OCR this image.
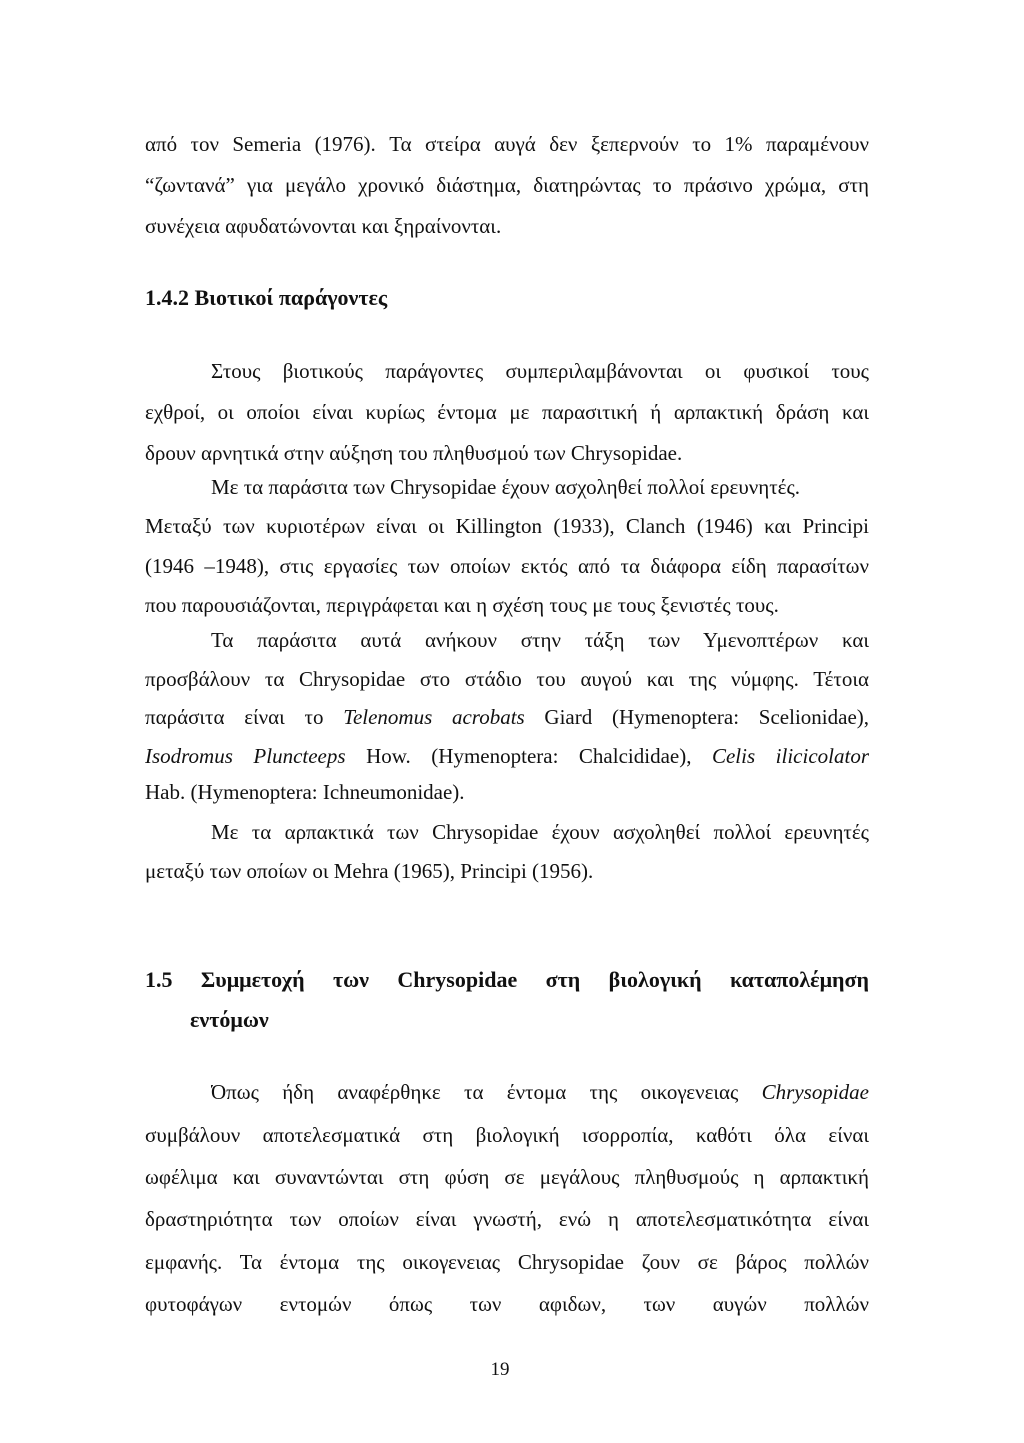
από τον Semeria (1976). Τα στείρα αυγά δεν ξεπερνούν το 1% παραμένουν
“ζωντανά” για μεγάλο χρονικό διάστημα, διατηρώντας το πράσινο χρώμα, στη
συνέχεια αφυδατώνονται και ξηραίνονται.
1.4.2 Βιοτικοί παράγοντες
Στους βιοτικούς παράγοντες συμπεριλαμβάνονται οι φυσικοί τους
εχθροί, οι οποίοι είναι κυρίως έντομα με παρασιτική ή αρπακτική δράση και
δρουν αρνητικά στην αύξηση του πληθυσμού των Chrysopidae.
Με τα παράσιτα των Chrysopidae έχουν ασχοληθεί πολλοί ερευνητές.
Μεταξύ των κυριοτέρων είναι οι Killington (1933), Clanch (1946) και Principi
(1946 –1948), στις εργασίες των οποίων εκτός από τα διάφορα είδη παρασίτων
που παρουσιάζονται, περιγράφεται και η σχέση τους με τους ξενιστές τους.
Τα παράσιτα αυτά ανήκουν στην τάξη των Υμενοπτέρων και
προσβάλουν τα Chrysopidae στο στάδιο του αυγού και της νύμφης. Τέτοια
παράσιτα είναι το Telenomus acrobats Giard (Hymenoptera: Scelionidae),
Isodromus Pluncteeps How. (Hymenoptera: Chalcididae), Celis ilicicolator
Hab. (Hymenoptera: Ichneumonidae).
Με τα αρπακτικά των Chrysopidae έχουν ασχοληθεί πολλοί ερευνητές
μεταξύ των οποίων οι Mehra (1965), Principi (1956).
1.5 Συμμετοχή των Chrysopidae στη βιολογική καταπολέμηση
εντόμων
Όπως ήδη αναφέρθηκε τα έντομα της οικογενειας Chrysopidae
συμβάλουν αποτελεσματικά στη βιολογική ισορροπία, καθότι όλα είναι
ωφέλιμα και συναντώνται στη φύση σε μεγάλους πληθυσμούς η αρπακτική
δραστηριότητα των οποίων είναι γνωστή, ενώ η αποτελεσματικότητα είναι
εμφανής. Τα έντομα της οικογενειας Chrysopidae ζουν σε βάρος πολλών
φυτοφάγων εντομών όπως των αφιδων, των αυγών πολλών
19
